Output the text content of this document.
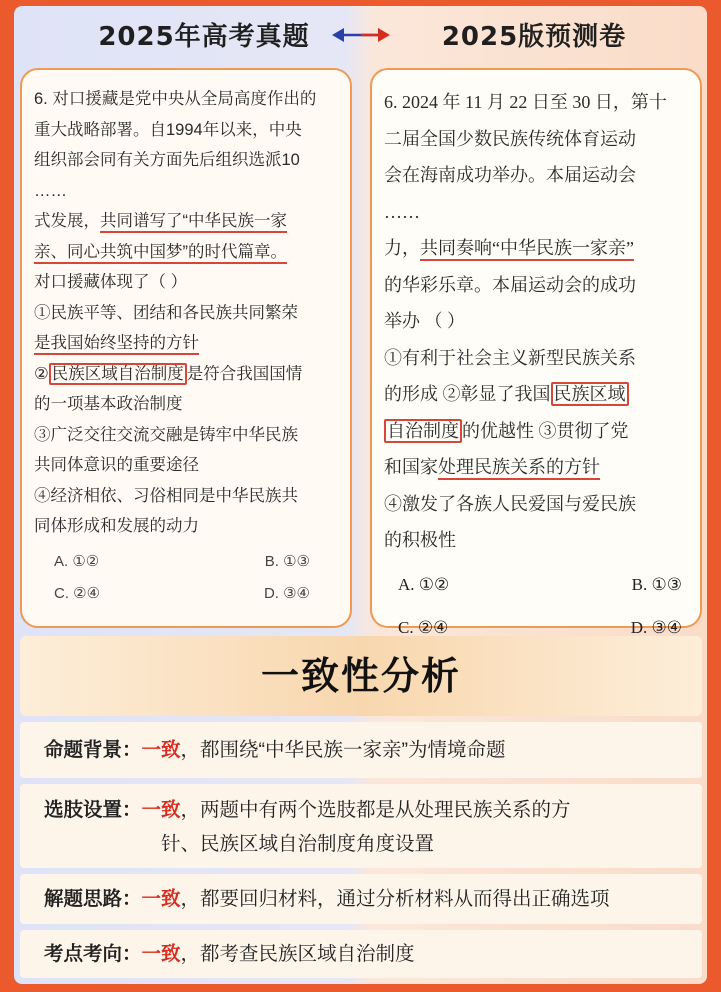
2025年高考真题	2025版预测卷

6. 对口援藏是党中央从全局高度作出的

重大战略部署。自1994年以来，中央

组织部会同有关方面先后组织选派10

……

式发展，共同谱写了“中华民族一家

亲、同心共筑中国梦”的时代篇章。

对口援藏体现了（ ）

①民族平等、团结和各民族共同繁荣

是我国始终坚持的方针

② 民族区域自治制度 是符合我国国情

的一项基本政治制度

③广泛交往交流交融是铸牢中华民族

共同体意识的重要途径

④经济相依、习俗相同是中华民族共

同体形成和发展的动力

A. ①②	B. ①③
C. ②④	D. ③④

6. 2024 年 11 月 22 日至 30 日，第十

二届全国少数民族传统体育运动

会在海南成功举办。本届运动会

……

力，共同奏响“中华民族一家亲”

的华彩乐章。本届运动会的成功

举办 （ ）

①有利于社会主义新型民族关系

的形成 ②彰显了我国 民族区域

自治制度 的优越性 ③贯彻了党

和国家处理民族关系的方针

④激发了各族人民爱国与爱民族

的积极性

A. ①②	B. ①③
C. ②④	D. ③④
一致性分析
命题背景：一致，都围绕“中华民族一家亲”为情境命题
选肢设置：一致，两题中有两个选肢都是从处理民族关系的方
针、民族区域自治制度角度设置
解题思路：一致，都要回归材料，通过分析材料从而得出正确选项
考点考向：一致，都考查民族区域自治制度
